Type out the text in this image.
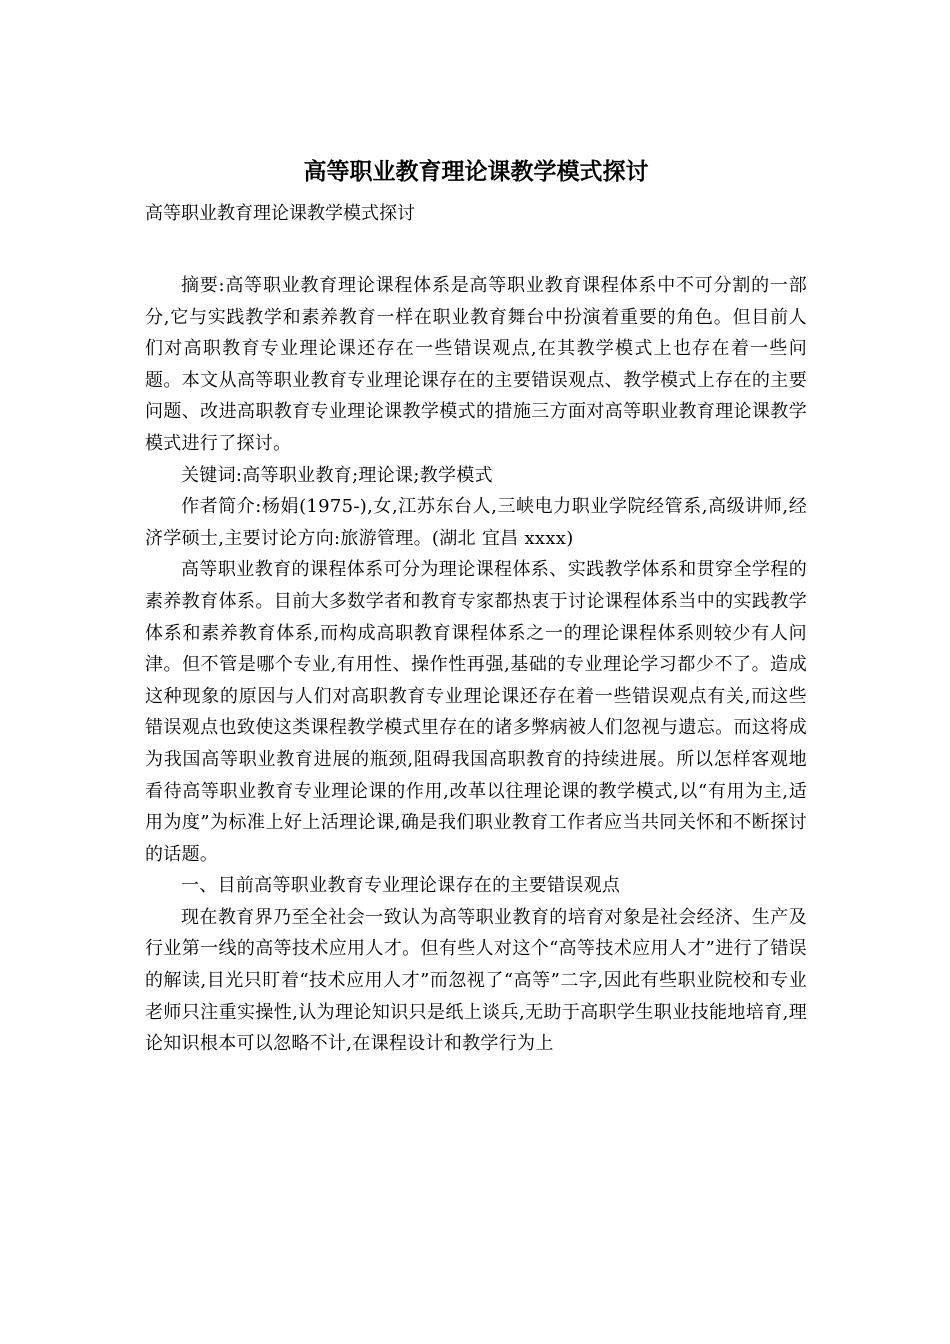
高等职业教育理论课教学模式探讨

高等职业教育理论课教学模式探讨

摘要:高等职业教育理论课程体系是高等职业教育课程体系中不可分割的一部分,它与实践教学和素养教育一样在职业教育舞台中扮演着重要的角色。但目前人们对高职教育专业理论课还存在一些错误观点,在其教学模式上也存在着一些问题。本文从高等职业教育专业理论课存在的主要错误观点、教学模式上存在的主要问题、改进高职教育专业理论课教学模式的措施三方面对高等职业教育理论课教学模式进行了探讨。

关键词:高等职业教育;理论课;教学模式

作者简介:杨娟(1975-),女,江苏东台人,三峡电力职业学院经管系,高级讲师,经济学硕士,主要讨论方向:旅游管理。(湖北 宜昌 xxxx)

高等职业教育的课程体系可分为理论课程体系、实践教学体系和贯穿全学程的素养教育体系。目前大多数学者和教育专家都热衷于讨论课程体系当中的实践教学体系和素养教育体系,而构成高职教育课程体系之一的理论课程体系则较少有人问津。但不管是哪个专业,有用性、操作性再强,基础的专业理论学习都少不了。造成这种现象的原因与人们对高职教育专业理论课还存在着一些错误观点有关,而这些错误观点也致使这类课程教学模式里存在的诸多弊病被人们忽视与遗忘。而这将成为我国高等职业教育进展的瓶颈,阻碍我国高职教育的持续进展。所以怎样客观地看待高等职业教育专业理论课的作用,改革以往理论课的教学模式,以“有用为主,适用为度”为标准上好上活理论课,确是我们职业教育工作者应当共同关怀和不断探讨的话题。

一、目前高等职业教育专业理论课存在的主要错误观点

现在教育界乃至全社会一致认为高等职业教育的培育对象是社会经济、生产及行业第一线的高等技术应用人才。但有些人对这个“高等技术应用人才”进行了错误的解读,目光只盯着“技术应用人才”而忽视了“高等”二字,因此有些职业院校和专业老师只注重实操性,认为理论知识只是纸上谈兵,无助于高职学生职业技能地培育,理论知识根本可以忽略不计,在课程设计和教学行为上
